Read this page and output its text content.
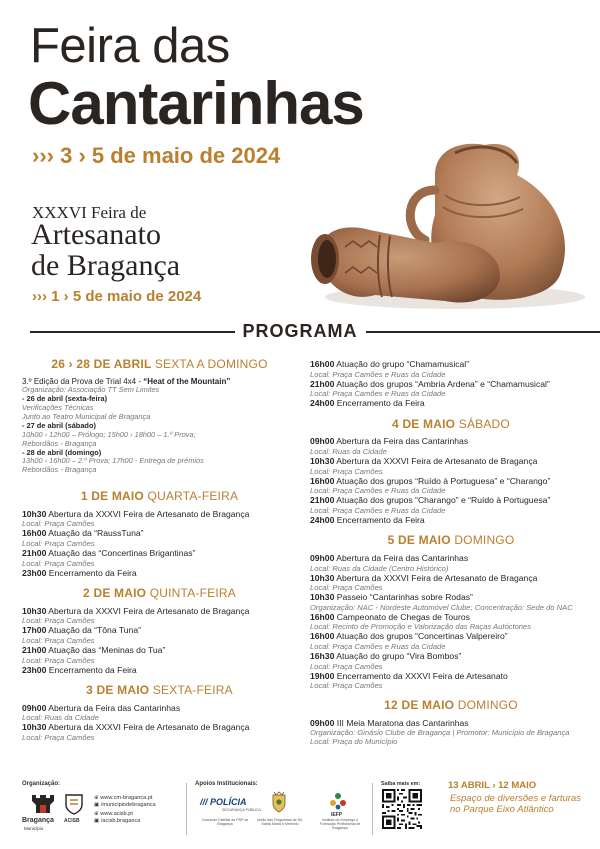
Feira das
Cantarinhas
››› 3 › 5 de maio de 2024
XXXVI Feira de
Artesanato
de Bragança
››› 1 › 5 de maio de 2024
PROGRAMA
26 › 28 DE ABRIL SEXTA A DOMINGO
3.º Edição da Prova de Trial 4x4 - “Heat of the Mountain”
Organização: Associação TT Sem Limites
- 26 de abril (sexta-feira)
Verificações Técnicas
Junto ao Teatro Municipal de Bragança
- 27 de abril (sábado)
10h00 › 12h00 – Prólogo; 15h00 › 18h00 – 1.º Prova;
Rebordãos - Bragança
- 28 de abril (domingo)
13h00 › 16h00 – 2.º Prova; 17h00 - Entrega de prémios
Rebordãos - Bragança
1 DE MAIO QUARTA-FEIRA
10h30 Abertura da XXXVI Feira de Artesanato de Bragança
Local: Praça Camões
16h00 Atuação da “RaussTuna”
Local: Praça Camões
21h00 Atuação das “Concertinas Brigantinas”
Local: Praça Camões
23h00 Encerramento da Feira
2 DE MAIO QUINTA-FEIRA
10h30 Abertura da XXXVI Feira de Artesanato de Bragança
Local: Praça Camões
17h00 Atuação da “Tôna Tuna”
Local: Praça Camões
21h00 Atuação das “Meninas do Tua”
Local: Praça Camões
23h00 Encerramento da Feira
3 DE MAIO SEXTA-FEIRA
09h00 Abertura da Feira das Cantarinhas
Local: Ruas da Cidade
10h30 Abertura da XXXVI Feira de Artesanato de Bragança
Local: Praça Camões
16h00 Atuação do grupo “Chamamusical”
Local: Praça Camões e Ruas da Cidade
21h00 Atuação dos grupos “Ambria Ardena” e “Chamamusical”
Local: Praça Camões e Ruas da Cidade
24h00 Encerramento da Feira
4 DE MAIO SÁBADO
09h00 Abertura da Feira das Cantarinhas
Local: Ruas da Cidade
10h30 Abertura da XXXVI Feira de Artesanato de Bragança
Local: Praça Camões
16h00 Atuação dos grupos “Ruído à Portuguesa” e “Charango”
Local: Praça Camões e Ruas da Cidade
21h00 Atuação dos grupos “Charango” e “Ruído à Portuguesa”
Local: Praça Camões e Ruas da Cidade
24h00 Encerramento da Feira
5 DE MAIO DOMINGO
09h00 Abertura da Feira das Cantarinhas
Local: Ruas da Cidade (Centro Histórico)
10h30 Abertura da XXXVI Feira de Artesanato de Bragança
Local: Praça Camões
10h30 Passeio “Cantarinhas sobre Rodas”
Organização: NAC - Nordeste Automóvel Clube; Concentração: Sede do NAC
16h00 Campeonato de Chegas de Touros
Local: Recinto de Promoção e Valorização das Raças Autóctones
16h00 Atuação dos grupos “Concertinas Valpereiro”
Local: Praça Camões e Ruas da Cidade
16h30 Atuação do grupo “Vira Bombos”
Local: Praça Camões
19h00 Encerramento da XXXVI Feira de Artesanato
Local: Praça Camões
12 DE MAIO DOMINGO
09h00 III Meia Maratona das Cantarinhas
Organização: Ginásio Clube de Bragança | Promotor: Município de Bragança
Local: Praça do Município
Organização:
Bragança
Município
ACISB
⊕ www.cm-braganca.pt
▣ /municipiodebraganca
⊕ www.acisb.pt
▣ /acisb.braganca
Apoios Institucionais:
/// POLÍCIA
SEGURANÇA PÚBLICA
Comando Distrital da PSP de Bragança
União das Freguesias de Sé, Santa Maria e Meixedo
IEFP
Instituto do Emprego e Formação Profissional de Bragança
Saiba mais em:	13 ABRIL › 12 MAIO
Espaço de diversões e farturas no Parque Eixo Atlântico
